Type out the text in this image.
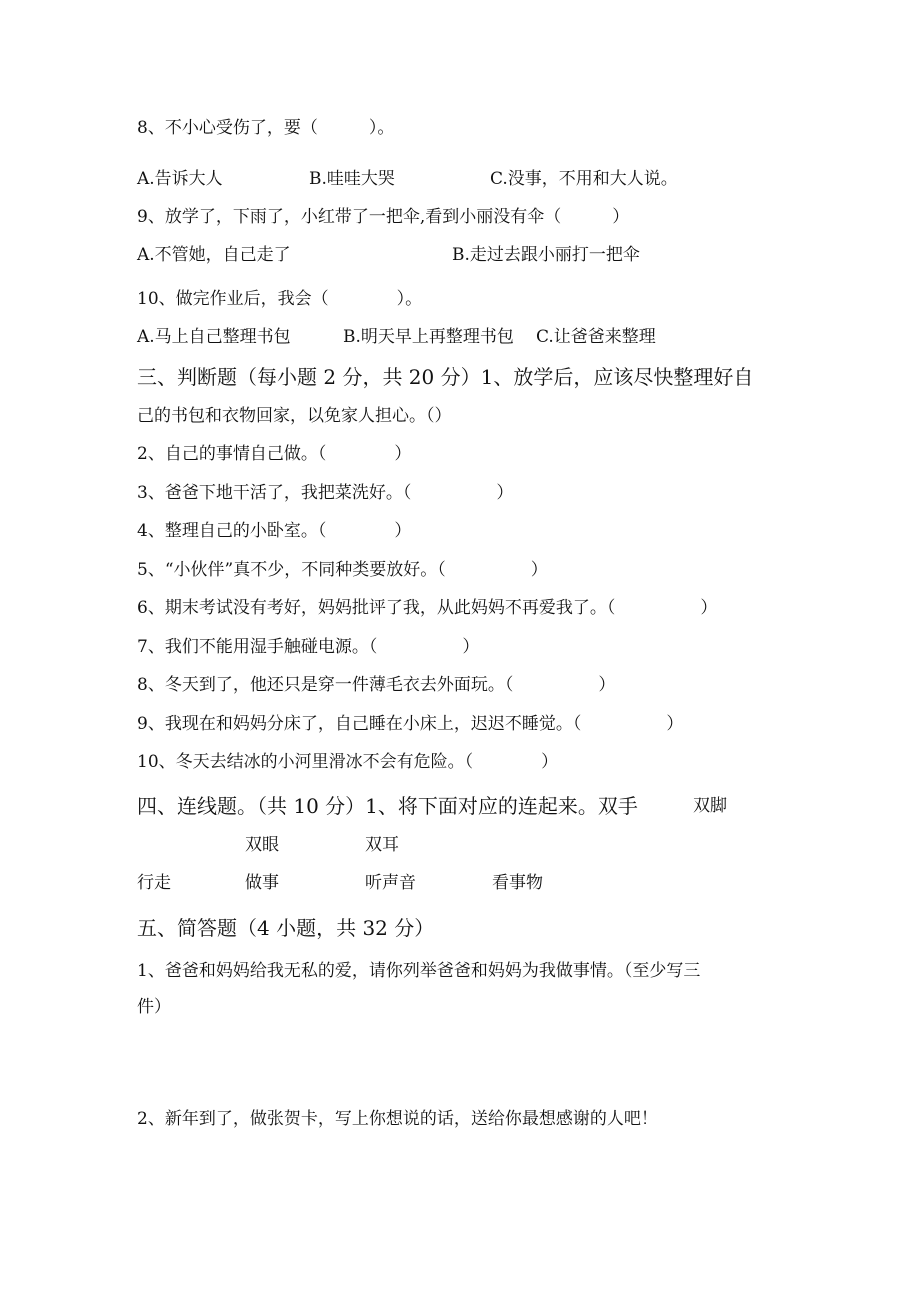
8、不小心受伤了，要（　　　）。
A.告诉大人	B.哇哇大哭	C.没事，不用和大人说。
9、放学了，下雨了，小红带了一把伞,看到小丽没有伞（　　　）
A.不管她，自己走了	B.走过去跟小丽打一把伞
10、做完作业后，我会（　　　　）。
A.马上自己整理书包	B.明天早上再整理书包 C.让爸爸来整理
三、判断题（每小题 2 分，共 20 分）1、放学后，应该尽快整理好自
己的书包和衣物回家，以免家人担心。（）
2、自己的事情自己做。（　　　　）
3、爸爸下地干活了，我把菜洗好。（　　　　　）
4、整理自己的小卧室。（　　　　）
5、“小伙伴”真不少，不同种类要放好。（　　　　　）
6、期末考试没有考好，妈妈批评了我，从此妈妈不再爱我了。（　　　　　）
7、我们不能用湿手触碰电源。（　　　　　）
8、冬天到了，他还只是穿一件薄毛衣去外面玩。（　　　　　）
9、我现在和妈妈分床了，自己睡在小床上，迟迟不睡觉。（　　　　　）
10、冬天去结冰的小河里滑冰不会有危险。（　　　　）
四、连线题。（共 10 分）1、将下面对应的连起来。双手	双脚
双眼	双耳
行走	做事	听声音	看事物
五、简答题（4 小题，共 32 分）
1、爸爸和妈妈给我无私的爱，请你列举爸爸和妈妈为我做事情。（至少写三
件）
2、新年到了，做张贺卡，写上你想说的话，送给你最想感谢的人吧！
